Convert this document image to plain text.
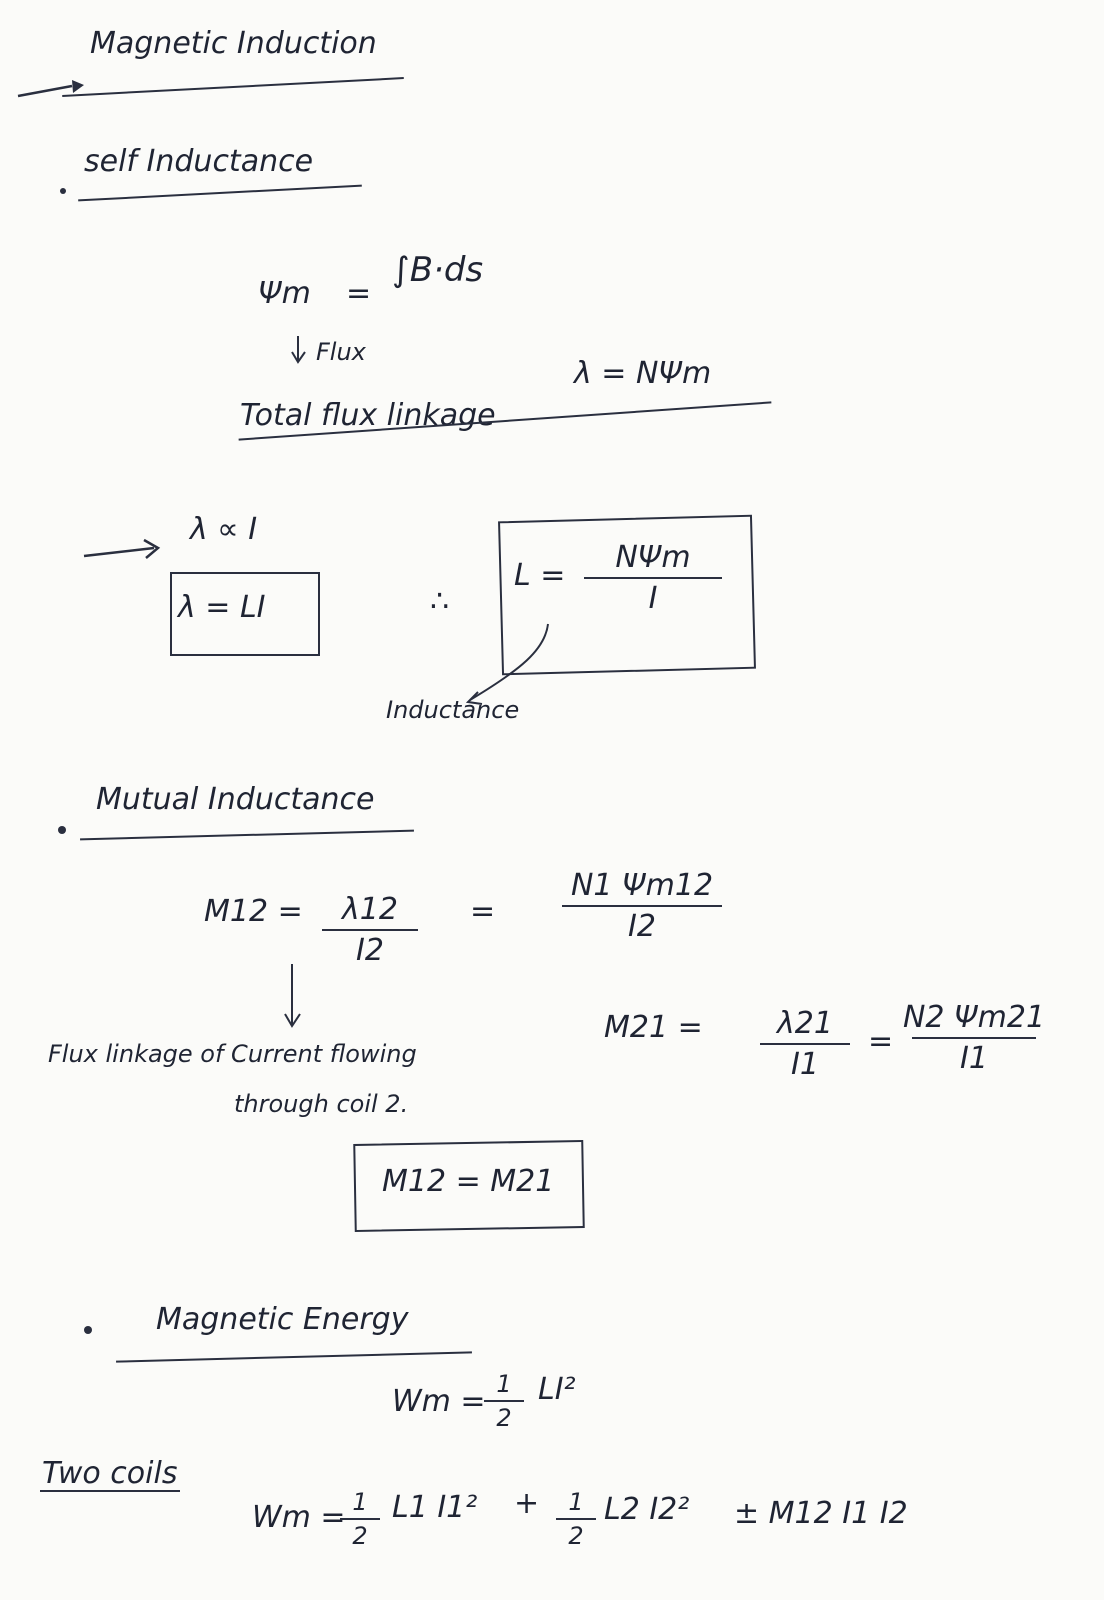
Magnetic Induction
self Inductance
Ψm =
∫B·ds
Flux
Total flux linkage
λ = NΨm
λ ∝ I
λ = LI	∴
L =
NΨm
I
Inductance
Mutual Inductance
$M12 = \frac{\lambda 12}{I2} = \frac{N1 \Psi m12}{I2}$
Flux linkage of Current flowing
through coil 2.
$M21 = \frac{\lambda 21}{I1} = \frac{N2 \Psi m21}{I1}$
M12 = M21
Magnetic Energy
Wm =
$\frac{1}{2} LI^2$
Two coils
Wm =
$\frac{1}{2} L1$ $I1^2 + \frac{1}{2} L2$ I2² ± M12 I1 I2
